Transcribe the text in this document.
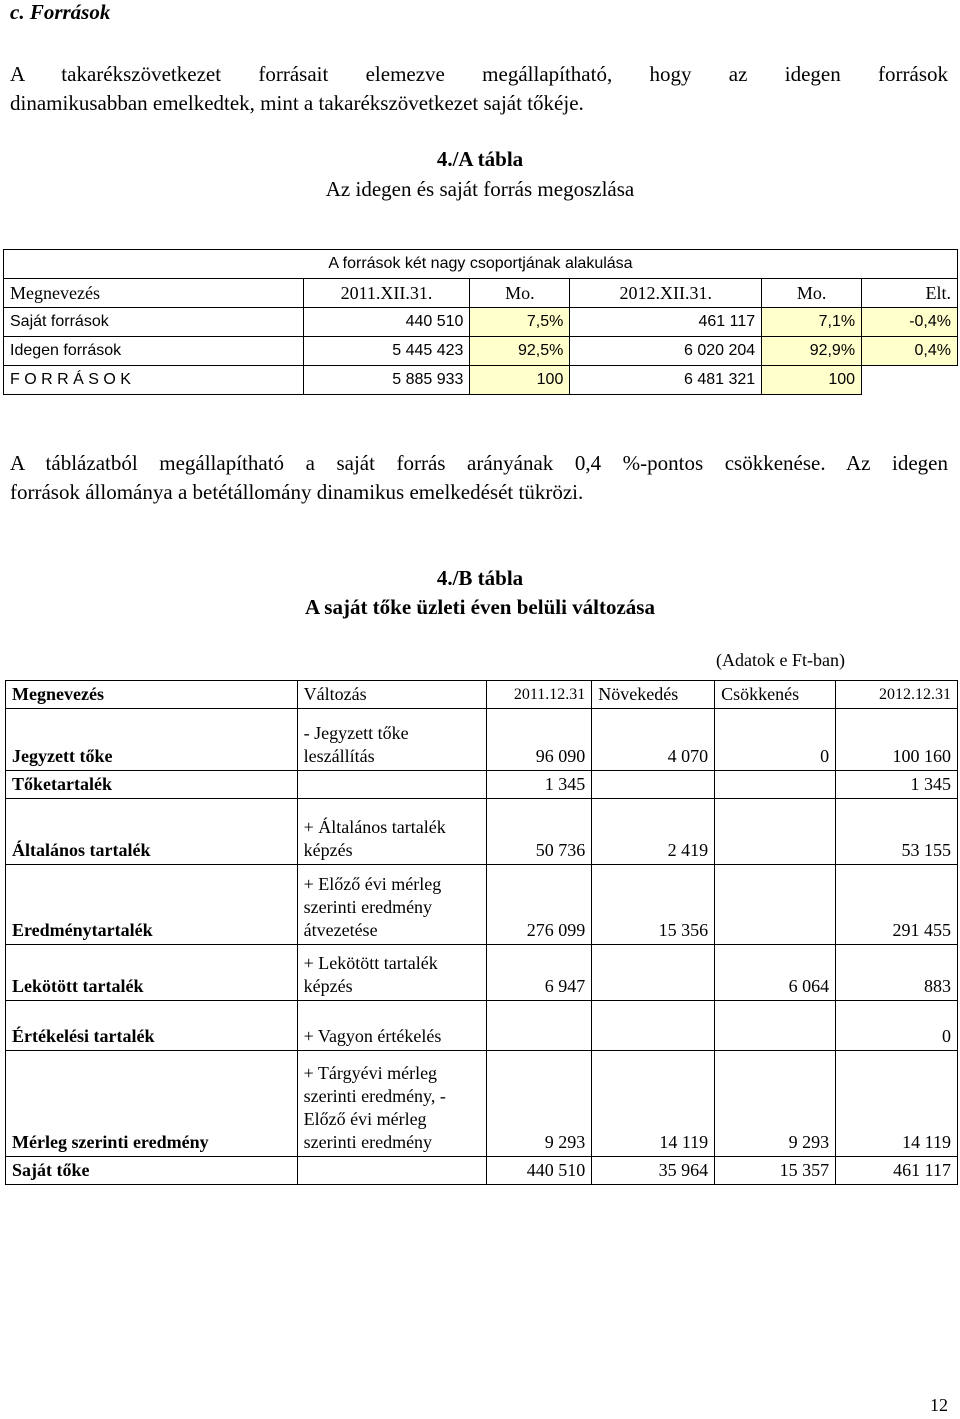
c. Források
A takarékszövetkezet forrásait elemezve megállapítható, hogy az idegen források
dinamikusabban emelkedtek, mint a takarékszövetkezet saját tőkéje.
4./A tábla
Az idegen és saját forrás megoszlása
A források két nagy csoportjának alakulása					
Megnevezés	2011.XII.31.	Mo.	2012.XII.31.	Mo.	Elt.
Saját források	440 510	7,5%	461 117	7,1%	-0,4%
Idegen források	5 445 423	92,5%	6 020 204	92,9%	0,4%
F O R R Á S O K	5 885 933	100	6 481 321	100	
A táblázatból megállapítható a saját forrás arányának 0,4 %-pontos csökkenése. Az idegen
források állománya a betétállomány dinamikus emelkedését tükrözi.
4./B tábla
A saját tőke üzleti éven belüli változása
(Adatok e Ft-ban)
Megnevezés	Változás	2011.12.31	Növekedés	Csökkenés	2012.12.31
Jegyzett tőke	- Jegyzett tőke leszállítás	96 090	4 070	0	100 160
Tőketartalék		1 345			1 345
Általános tartalék	+ Általános tartalék képzés	50 736	2 419		53 155
Eredménytartalék	+ Előző évi mérleg szerinti eredmény átvezetése	276 099	15 356		291 455
Lekötött tartalék	+ Lekötött tartalék képzés	6 947		6 064	883
Értékelési tartalék	+ Vagyon értékelés				0
Mérleg szerinti eredmény	+ Tárgyévi mérleg szerinti eredmény, - Előző évi mérleg szerinti eredmény	9 293	14 119	9 293	14 119
Saját tőke		440 510	35 964	15 357	461 117
12
